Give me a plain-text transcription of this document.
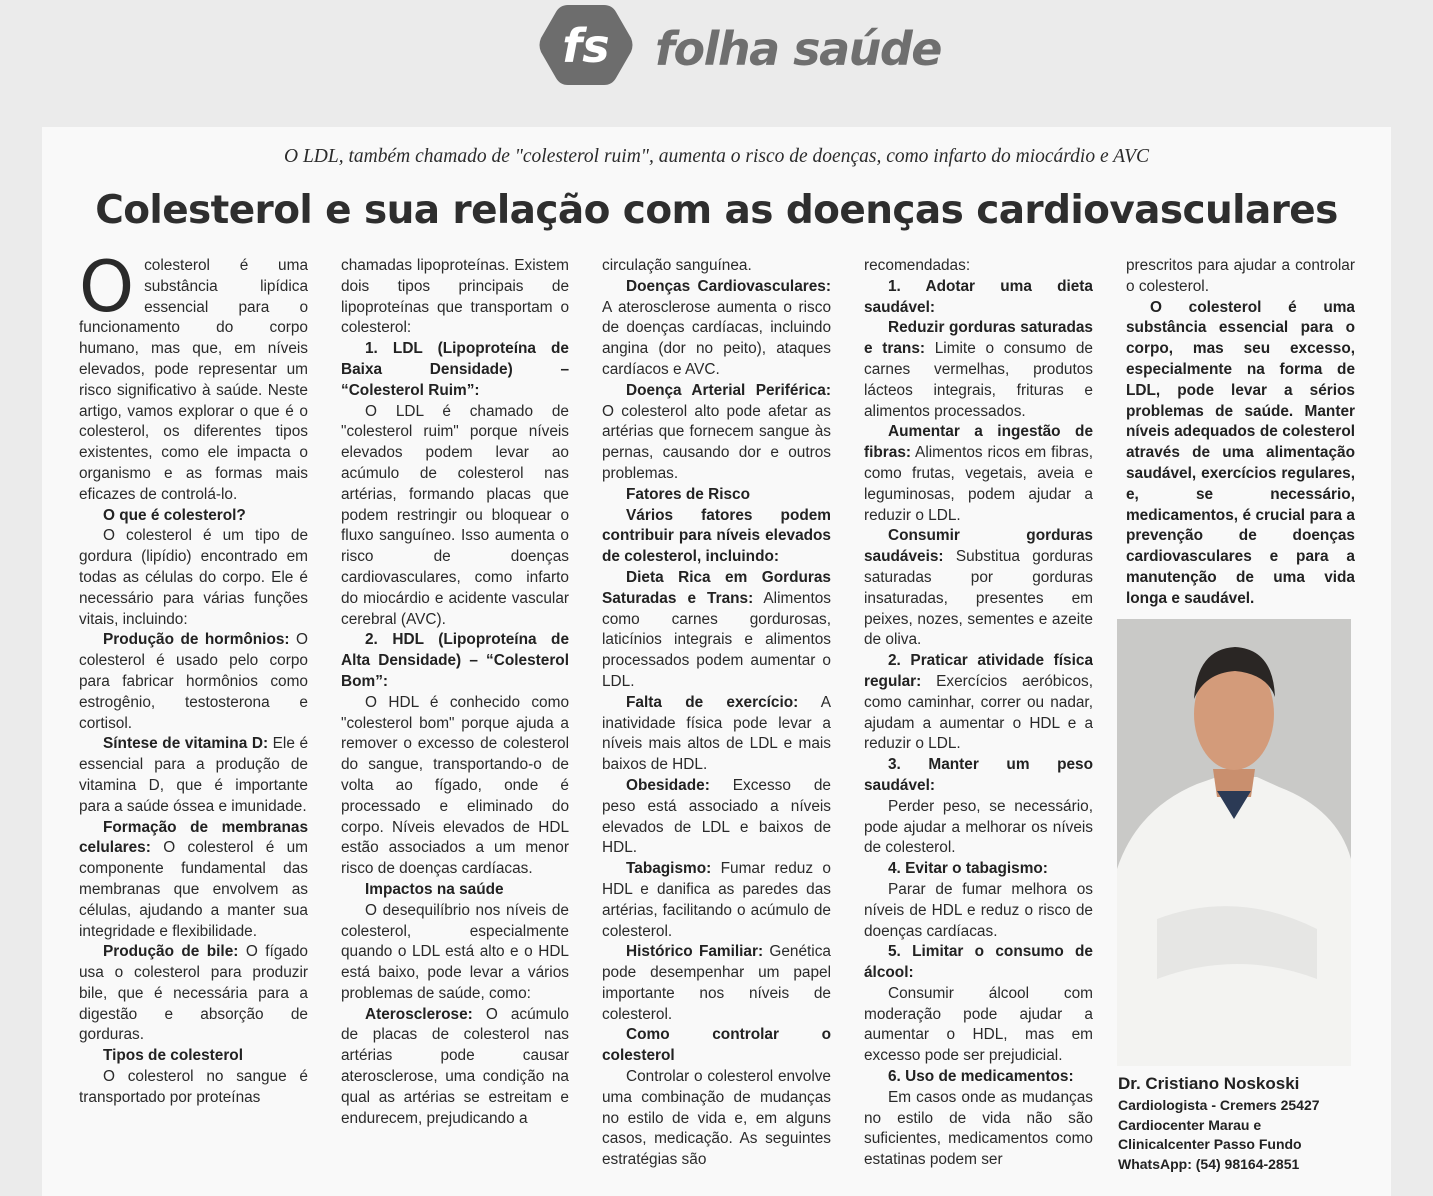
fs folha saúde
O LDL, também chamado de "colesterol ruim", aumenta o risco de doenças, como infarto do miocárdio e AVC
Colesterol e sua relação com as doenças cardiovasculares

Ocolesterol é uma substância lipídica essencial para o funcionamento do corpo humano, mas que, em níveis elevados, pode representar um risco significativo à saúde. Neste artigo, vamos explorar o que é o colesterol, os diferentes tipos existentes, como ele impacta o organismo e as formas mais eficazes de controlá-lo.

O que é colesterol?

O colesterol é um tipo de gordura (lipídio) encontrado em todas as células do corpo. Ele é necessário para várias funções vitais, incluindo:

Produção de hormônios: O colesterol é usado pelo corpo para fabricar hormônios como estrogênio, testosterona e cortisol.

Síntese de vitamina D: Ele é essencial para a produção de vitamina D, que é importante para a saúde óssea e imunidade.

Formação de membranas celulares: O colesterol é um componente fundamental das membranas que envolvem as células, ajudando a manter sua integridade e flexibilidade.

Produção de bile: O fígado usa o colesterol para produzir bile, que é necessária para a digestão e absorção de gorduras.

Tipos de colesterol

O colesterol no sangue é transportado por proteínas

chamadas lipoproteínas. Existem dois tipos principais de lipoproteínas que transportam o colesterol:

1. LDL (Lipoproteína de Baixa Densidade) – “Colesterol Ruim”:

O LDL é chamado de "colesterol ruim" porque níveis elevados podem levar ao acúmulo de colesterol nas artérias, formando placas que podem restringir ou bloquear o fluxo sanguíneo. Isso aumenta o risco de doenças cardiovasculares, como infarto do miocárdio e acidente vascular cerebral (AVC).

2. HDL (Lipoproteína de Alta Densidade) – “Colesterol Bom”:

O HDL é conhecido como "colesterol bom" porque ajuda a remover o excesso de colesterol do sangue, transportando-o de volta ao fígado, onde é processado e eliminado do corpo. Níveis elevados de HDL estão associados a um menor risco de doenças cardíacas.

Impactos na saúde

O desequilíbrio nos níveis de colesterol, especialmente quando o LDL está alto e o HDL está baixo, pode levar a vários problemas de saúde, como:

Aterosclerose: O acúmulo de placas de colesterol nas artérias pode causar aterosclerose, uma condição na qual as artérias se estreitam e endurecem, prejudicando a

circulação sanguínea.

Doenças Cardiovasculares: A aterosclerose aumenta o risco de doenças cardíacas, incluindo angina (dor no peito), ataques cardíacos e AVC.

Doença Arterial Periférica: O colesterol alto pode afetar as artérias que fornecem sangue às pernas, causando dor e outros problemas.

Fatores de Risco

Vários fatores podem contribuir para níveis elevados de colesterol, incluindo:

Dieta Rica em Gorduras Saturadas e Trans: Alimentos como carnes gordurosas, laticínios integrais e alimentos processados podem aumentar o LDL.

Falta de exercício: A inatividade física pode levar a níveis mais altos de LDL e mais baixos de HDL.

Obesidade: Excesso de peso está associado a níveis elevados de LDL e baixos de HDL.

Tabagismo: Fumar reduz o HDL e danifica as paredes das artérias, facilitando o acúmulo de colesterol.

Histórico Familiar: Genética pode desempenhar um papel importante nos níveis de colesterol.

Como controlar o colesterol

Controlar o colesterol envolve uma combinação de mudanças no estilo de vida e, em alguns casos, medicação. As seguintes estratégias são

recomendadas:

1. Adotar uma dieta saudável:

Reduzir gorduras saturadas e trans: Limite o consumo de carnes vermelhas, produtos lácteos integrais, frituras e alimentos processados.

Aumentar a ingestão de fibras: Alimentos ricos em fibras, como frutas, vegetais, aveia e leguminosas, podem ajudar a reduzir o LDL.

Consumir gorduras saudáveis: Substitua gorduras saturadas por gorduras insaturadas, presentes em peixes, nozes, sementes e azeite de oliva.

2. Praticar atividade física regular: Exercícios aeróbicos, como caminhar, correr ou nadar, ajudam a aumentar o HDL e a reduzir o LDL.

3. Manter um peso saudável:

Perder peso, se necessário, pode ajudar a melhorar os níveis de colesterol.

4. Evitar o tabagismo:

Parar de fumar melhora os níveis de HDL e reduz o risco de doenças cardíacas.

5. Limitar o consumo de álcool:

Consumir álcool com moderação pode ajudar a aumentar o HDL, mas em excesso pode ser prejudicial.

6. Uso de medicamentos:

Em casos onde as mudanças no estilo de vida não são suficientes, medicamentos como estatinas podem ser

prescritos para ajudar a controlar o colesterol.

O colesterol é uma substância essencial para o corpo, mas seu excesso, especialmente na forma de LDL, pode levar a sérios problemas de saúde. Manter níveis adequados de colesterol através de uma alimentação saudável, exercícios regulares, e, se necessário, medicamentos, é crucial para a prevenção de doenças cardiovasculares e para a manutenção de uma vida longa e saudável.

Dr. Cristiano Noskoski
Cardiologista - Cremers 25427
Cardiocenter Marau e
Clinicalcenter Passo Fundo
WhatsApp: (54) 98164-2851
